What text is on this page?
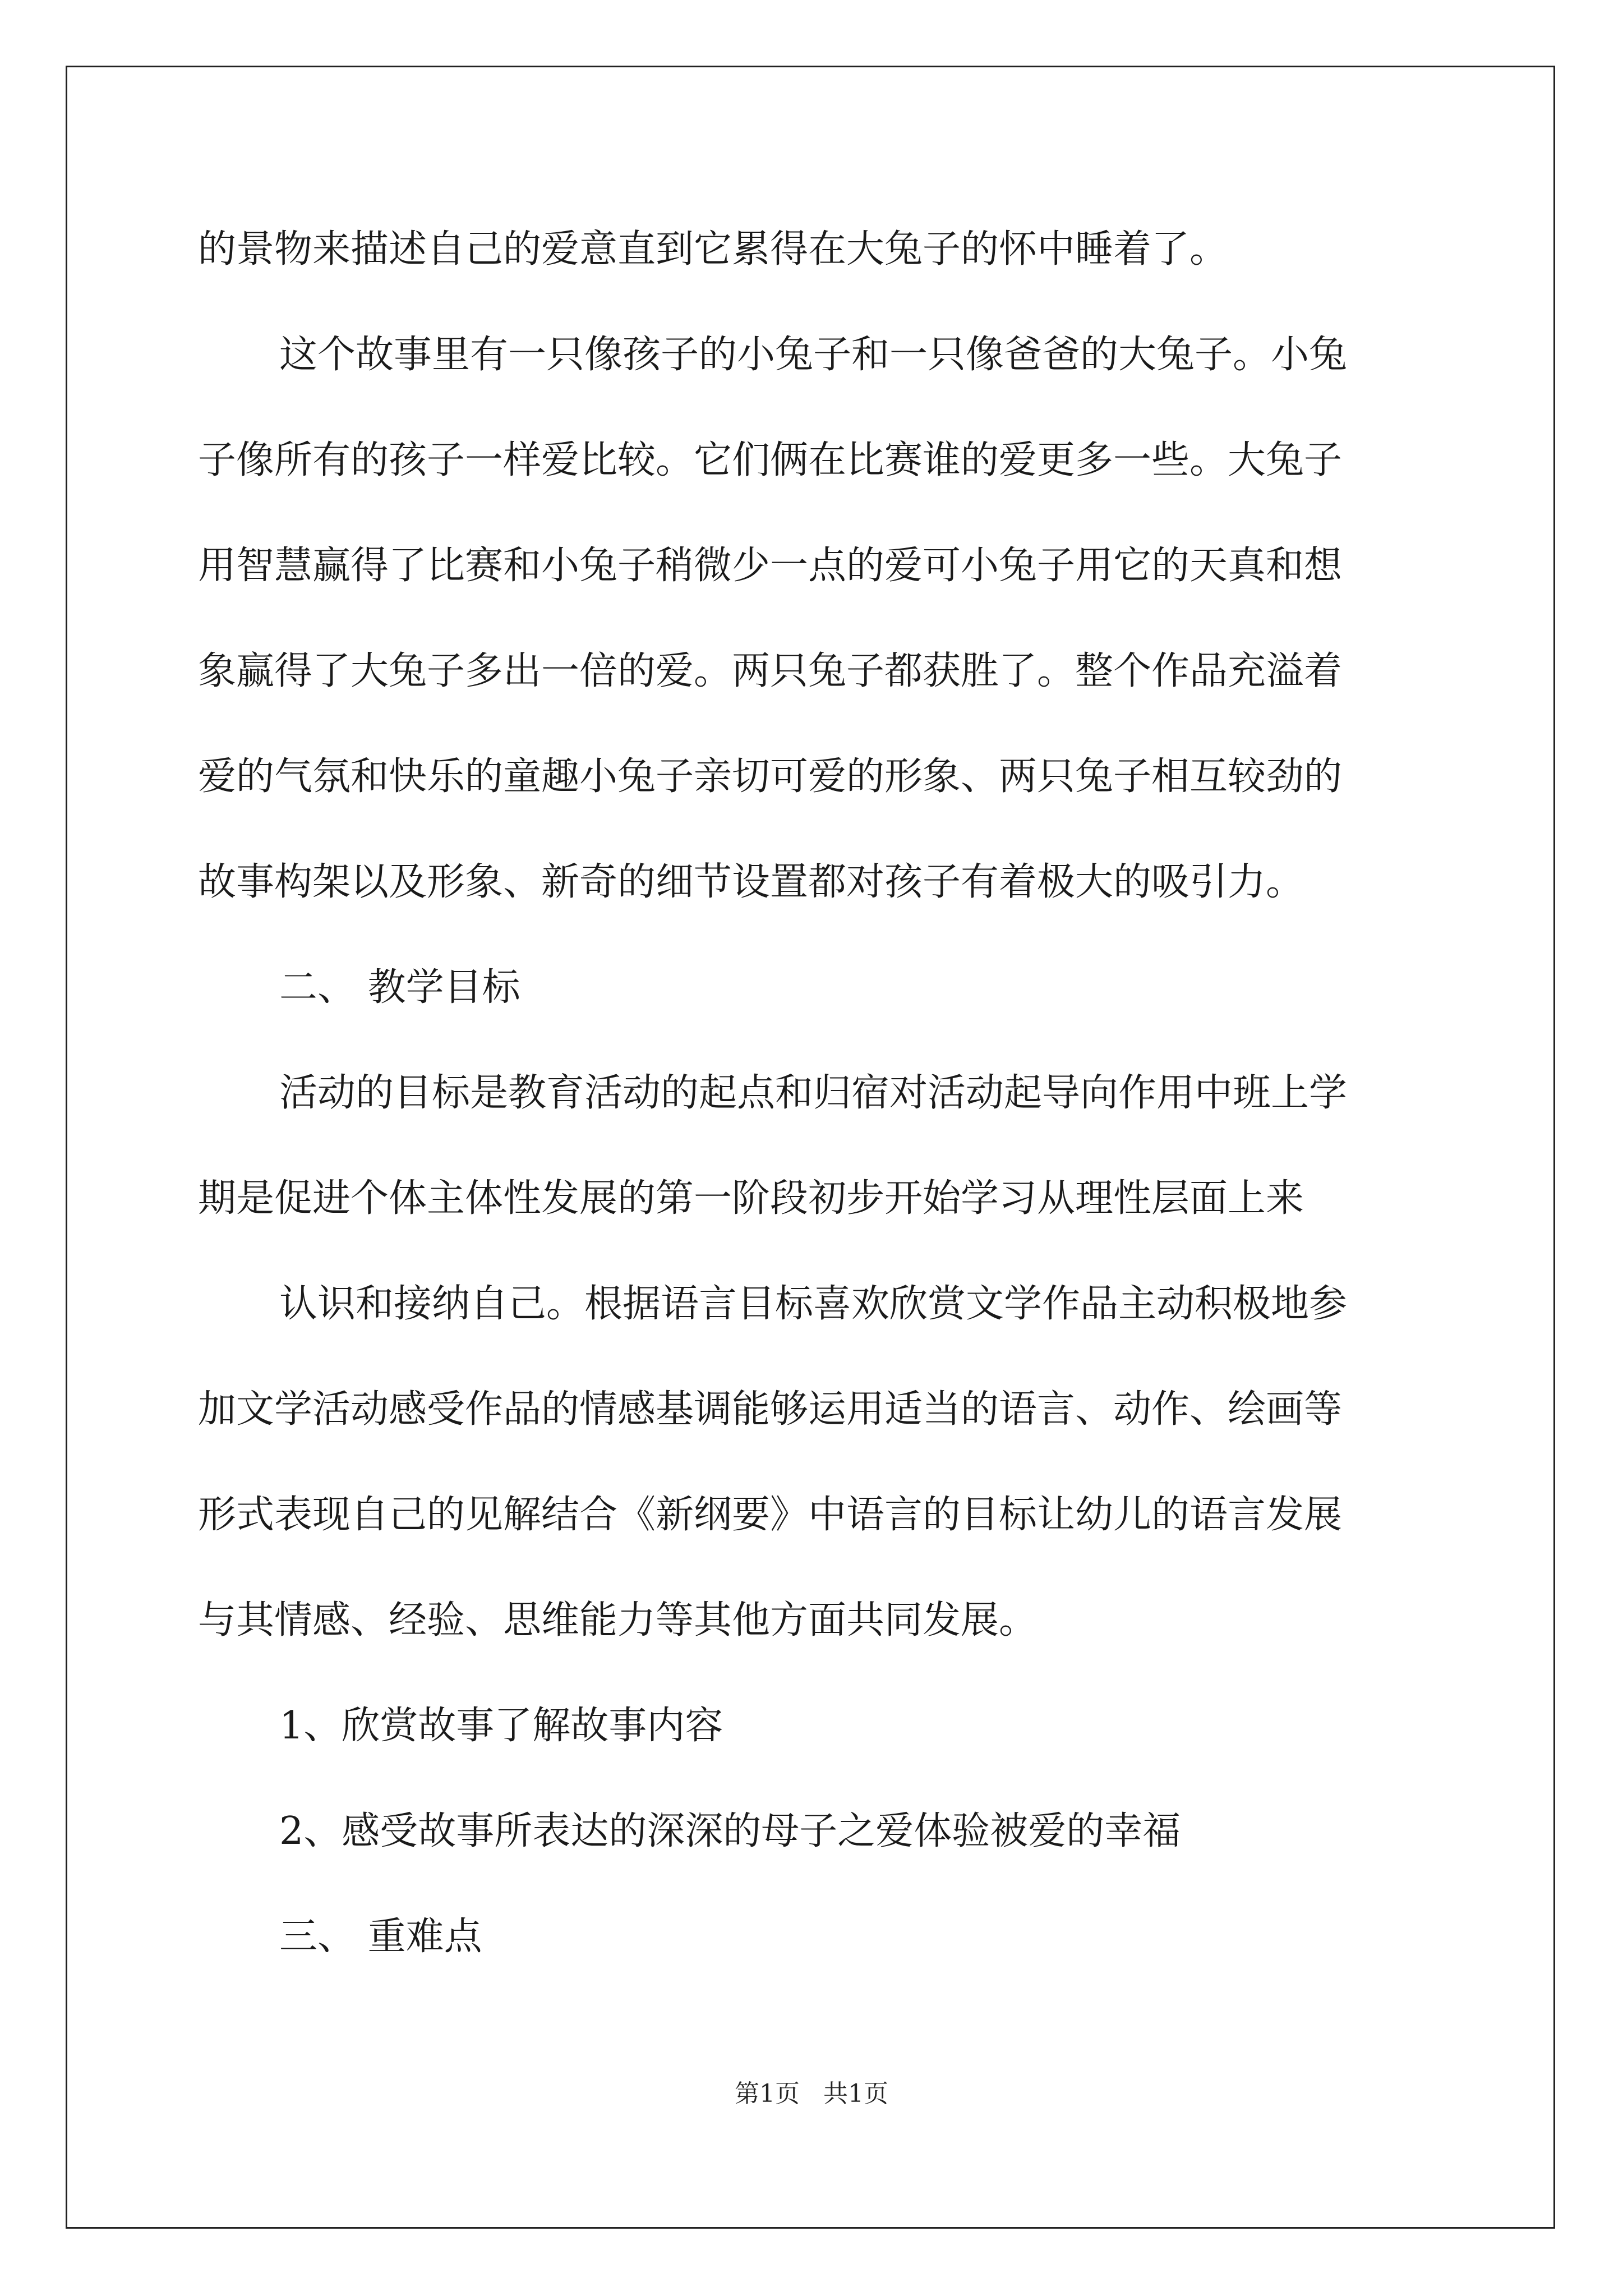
的景物来描述自己的爱意直到它累得在大兔子的怀中睡着了。
这个故事里有一只像孩子的小兔子和一只像爸爸的大兔子。小兔
子像所有的孩子一样爱比较。它们俩在比赛谁的爱更多一些。大兔子
用智慧赢得了比赛和小兔子稍微少一点的爱可小兔子用它的天真和想
象赢得了大兔子多出一倍的爱。两只兔子都获胜了。整个作品充溢着
爱的气氛和快乐的童趣小兔子亲切可爱的形象、两只兔子相互较劲的
故事构架以及形象、新奇的细节设置都对孩子有着极大的吸引力。
二、 教学目标
活动的目标是教育活动的起点和归宿对活动起导向作用中班上学
期是促进个体主体性发展的第一阶段初步开始学习从理性层面上来
认识和接纳自己。根据语言目标喜欢欣赏文学作品主动积极地参
加文学活动感受作品的情感基调能够运用适当的语言、动作、绘画等
形式表现自己的见解结合《新纲要》中语言的目标让幼儿的语言发展
与其情感、经验、思维能力等其他方面共同发展。
1、欣赏故事了解故事内容
2、感受故事所表达的深深的母子之爱体验被爱的幸福
三、 重难点
第1页   共1页
